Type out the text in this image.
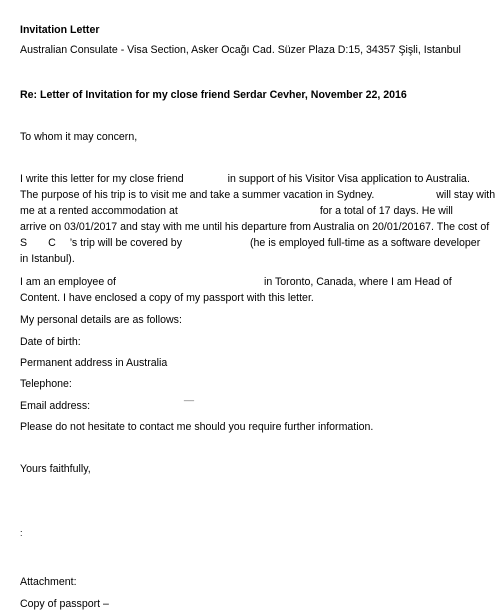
Invitation Letter
Australian Consulate - Visa Section, Asker Ocağı Cad. Süzer Plaza D:15, 34357 Şişli, Istanbul
Re: Letter of Invitation for my close friend Serdar Cevher, November 22, 2016
To whom it may concern,
I write this letter for my close friend	in support of his Visitor Visa application to Australia.
The purpose of his trip is to visit me and take a summer vacation in Sydney.	will stay with
me at a rented accommodation at	for a total of 17 days. He will
arrive on 03/01/2017 and stay with me until his departure from Australia on 20/01/20167. The cost of
S C ’s trip will be covered by	(he is employed full-time as a software developer
in Istanbul).
I am an employee of	in Toronto, Canada, where I am Head of
Content. I have enclosed a copy of my passport with this letter.
My personal details are as follows:
Date of birth:
Permanent address in Australia
Telephone:
Email address:
__
Please do not hesitate to contact me should you require further information.
Yours faithfully,
:
Attachment:
Copy of passport –
